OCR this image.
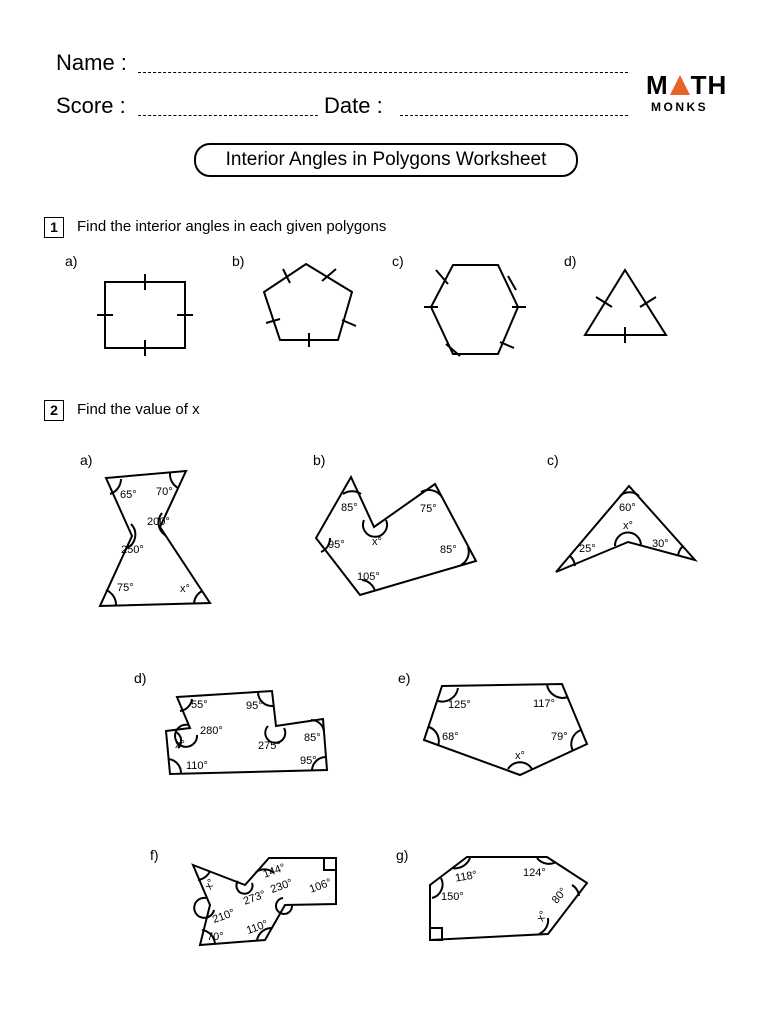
Name :
Score :	Date :
M TH
MONKS
Interior Angles in Polygons Worksheet
1	Find the interior angles in each given polygons
a)	b)	c)	d)
2	Find the value of x
a)	b)	c)
d)	e)
f)	g)
65° 70°
200°
250°
75°	x°
85°
x°
75°
95°	85°
105°
60°
x°
25°	30°
55°	95°
x°
280°
275°
85°
110°	95°
125°	117°
68°	79°
x°
x°
144°
273°
230° 106°
210°
70°
110°
118°	124°
150°	80°
x°
